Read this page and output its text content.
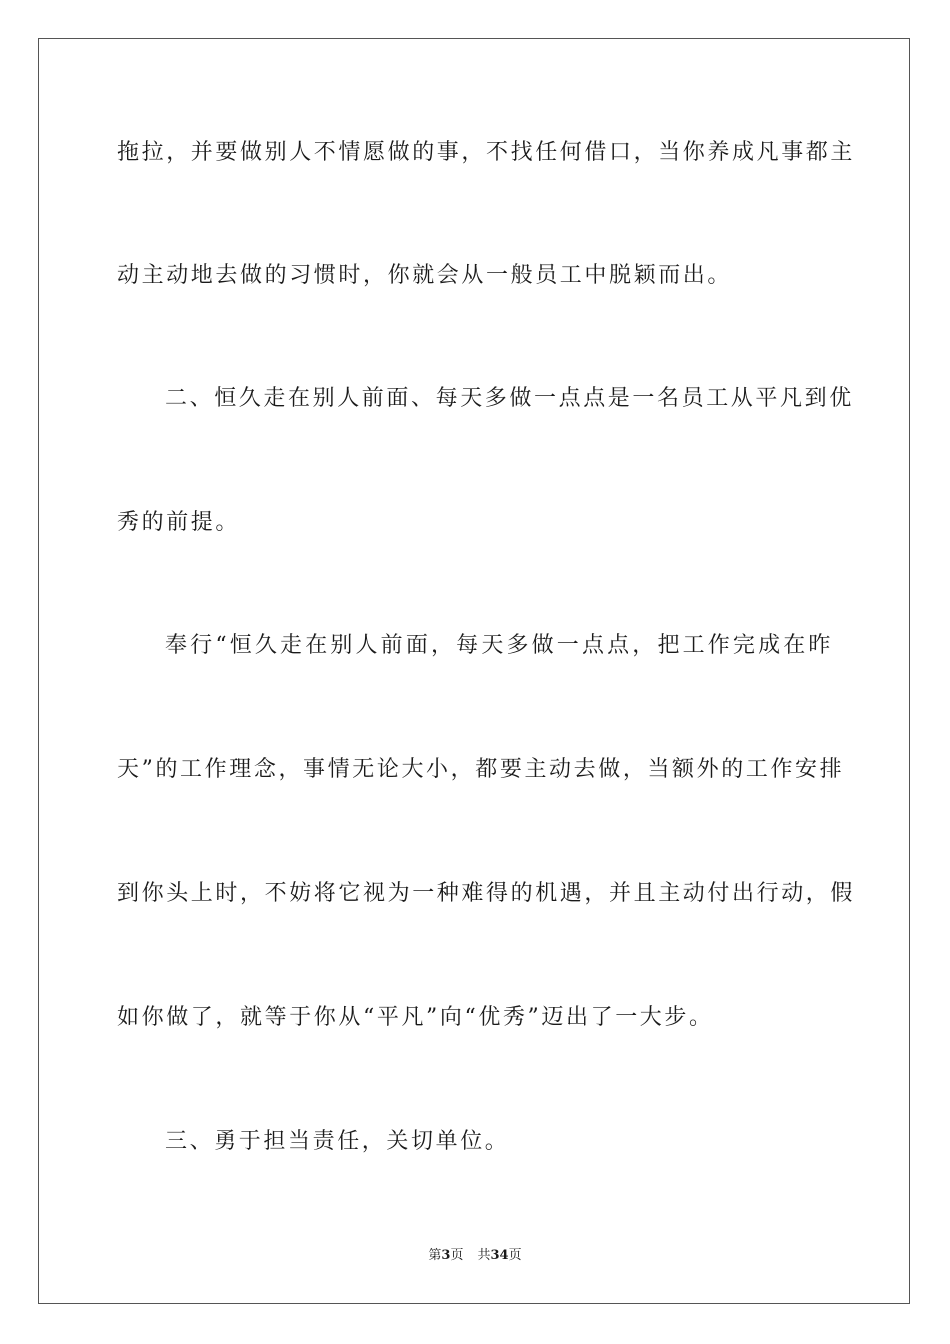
拖拉，并要做别人不情愿做的事，不找任何借口，当你养成凡事都主
动主动地去做的习惯时，你就会从一般员工中脱颖而出。
二、恒久走在别人前面、每天多做一点点是一名员工从平凡到优
秀的前提。
奉行“恒久走在别人前面，每天多做一点点，把工作完成在昨
天”的工作理念，事情无论大小，都要主动去做，当额外的工作安排
到你头上时，不妨将它视为一种难得的机遇，并且主动付出行动，假
如你做了，就等于你从“平凡”向“优秀”迈出了一大步。
三、勇于担当责任，关切单位。
第3页 共34页
